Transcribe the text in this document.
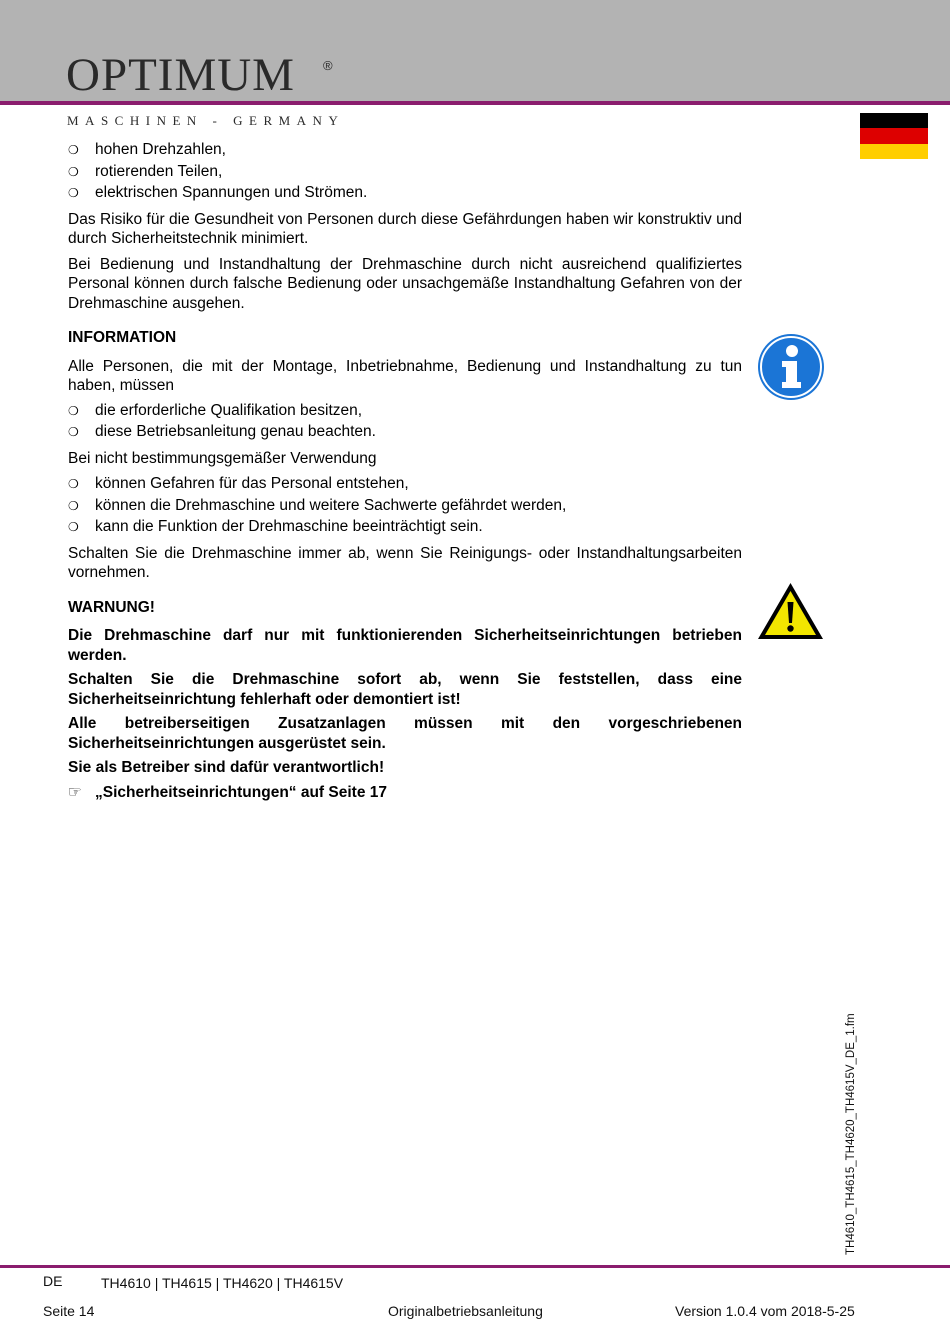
OPTIMUM ®
MASCHINEN - GERMANY
❍
hohen Drehzahlen,
❍
rotierenden Teilen,
❍
elektrischen Spannungen und Strömen.

Das Risiko für die Gesundheit von Personen durch diese Gefährdungen haben wir konstruktiv und durch Sicherheitstechnik minimiert.

Bei Bedienung und Instandhaltung der Drehmaschine durch nicht ausreichend qualifiziertes Personal können durch falsche Bedienung oder unsachgemäße Instandhaltung Gefahren von der Drehmaschine ausgehen.

INFORMATION

Alle Personen, die mit der Montage, Inbetriebnahme, Bedienung und Instandhaltung zu tun haben, müssen

❍
die erforderliche Qualifikation besitzen,
❍
diese Betriebsanleitung genau beachten.

Bei nicht bestimmungsgemäßer Verwendung

❍
können Gefahren für das Personal entstehen,
❍
können die Drehmaschine und weitere Sachwerte gefährdet werden,
❍
kann die Funktion der Drehmaschine beeinträchtigt sein.

Schalten Sie die Drehmaschine immer ab, wenn Sie Reinigungs- oder Instandhaltungsarbeiten vornehmen.

WARNUNG!

Die Drehmaschine darf nur mit funktionierenden Sicherheitseinrichtungen betrieben werden.

Schalten Sie die Drehmaschine sofort ab, wenn Sie feststellen, dass eine Sicherheitseinrichtung fehlerhaft oder demontiert ist!

Alle betreiberseitigen Zusatzanlagen müssen mit den vorgeschriebenen Sicherheitseinrichtungen ausgerüstet sein.

Sie als Betreiber sind dafür verantwortlich!

☞ „Sicherheitseinrichtungen“ auf Seite 17
TH4610_TH4615_TH4620_TH4615V_DE_1.fm
DE	TH4610 | TH4615 | TH4620 | TH4615V
Seite 14	Originalbetriebsanleitung	Version 1.0.4 vom 2018-5-25
